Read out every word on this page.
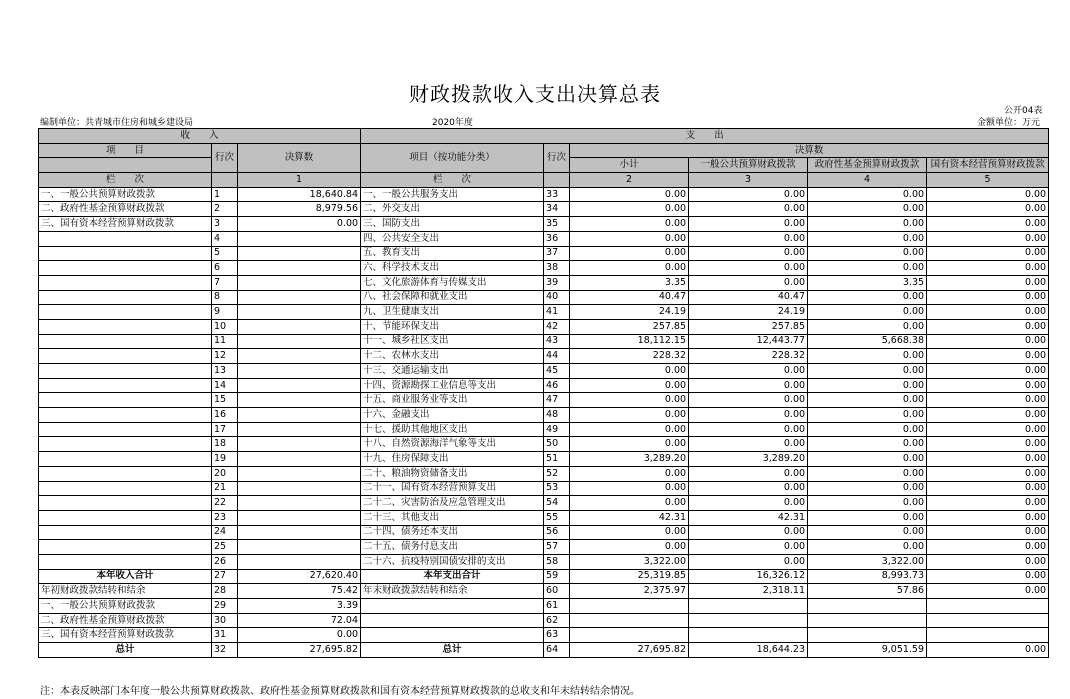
财政拨款收入支出决算总表
公开04表
编制单位：共青城市住房和城乡建设局	2020年度	金额单位：万元
收　　入			支　　出					
项　　目	行次	决算数	项目（按功能分类）	行次	决算数			
					小计	一般公共预算财政拨款	政府性基金预算财政拨款	国有资本经营预算财政拨款
栏　　次		1	栏　　次		2	3	4	5
一、一般公共预算财政拨款	1	18,640.84	一、一般公共服务支出	33	0.00	0.00	0.00	0.00
二、政府性基金预算财政拨款	2	8,979.56	二、外交支出	34	0.00	0.00	0.00	0.00
三、国有资本经营预算财政拨款	3	0.00	三、国防支出	35	0.00	0.00	0.00	0.00
	4		四、公共安全支出	36	0.00	0.00	0.00	0.00
	5		五、教育支出	37	0.00	0.00	0.00	0.00
	6		六、科学技术支出	38	0.00	0.00	0.00	0.00
	7		七、文化旅游体育与传媒支出	39	3.35	0.00	3.35	0.00
	8		八、社会保障和就业支出	40	40.47	40.47	0.00	0.00
	9		九、卫生健康支出	41	24.19	24.19	0.00	0.00
	10		十、节能环保支出	42	257.85	257.85	0.00	0.00
	11		十一、城乡社区支出	43	18,112.15	12,443.77	5,668.38	0.00
	12		十二、农林水支出	44	228.32	228.32	0.00	0.00
	13		十三、交通运输支出	45	0.00	0.00	0.00	0.00
	14		十四、资源勘探工业信息等支出	46	0.00	0.00	0.00	0.00
	15		十五、商业服务业等支出	47	0.00	0.00	0.00	0.00
	16		十六、金融支出	48	0.00	0.00	0.00	0.00
	17		十七、援助其他地区支出	49	0.00	0.00	0.00	0.00
	18		十八、自然资源海洋气象等支出	50	0.00	0.00	0.00	0.00
	19		十九、住房保障支出	51	3,289.20	3,289.20	0.00	0.00
	20		二十、粮油物资储备支出	52	0.00	0.00	0.00	0.00
	21		二十一、国有资本经营预算支出	53	0.00	0.00	0.00	0.00
	22		二十二、灾害防治及应急管理支出	54	0.00	0.00	0.00	0.00
	23		二十三、其他支出	55	42.31	42.31	0.00	0.00
	24		二十四、债务还本支出	56	0.00	0.00	0.00	0.00
	25		二十五、债务付息支出	57	0.00	0.00	0.00	0.00
	26		二十六、抗疫特别国债安排的支出	58	3,322.00	0.00	3,322.00	0.00
本年收入合计	27	27,620.40	本年支出合计	59	25,319.85	16,326.12	8,993.73	0.00
年初财政拨款结转和结余	28	75.42	年末财政拨款结转和结余	60	2,375.97	2,318.11	57.86	0.00
一、一般公共预算财政拨款	29	3.39		61				
二、政府性基金预算财政拨款	30	72.04		62				
三、国有资本经营预算财政拨款	31	0.00		63				
总计	32	27,695.82	总计	64	27,695.82	18,644.23	9,051.59	0.00
注：本表反映部门本年度一般公共预算财政拨款、政府性基金预算财政拨款和国有资本经营预算财政拨款的总收支和年末结转结余情况。
